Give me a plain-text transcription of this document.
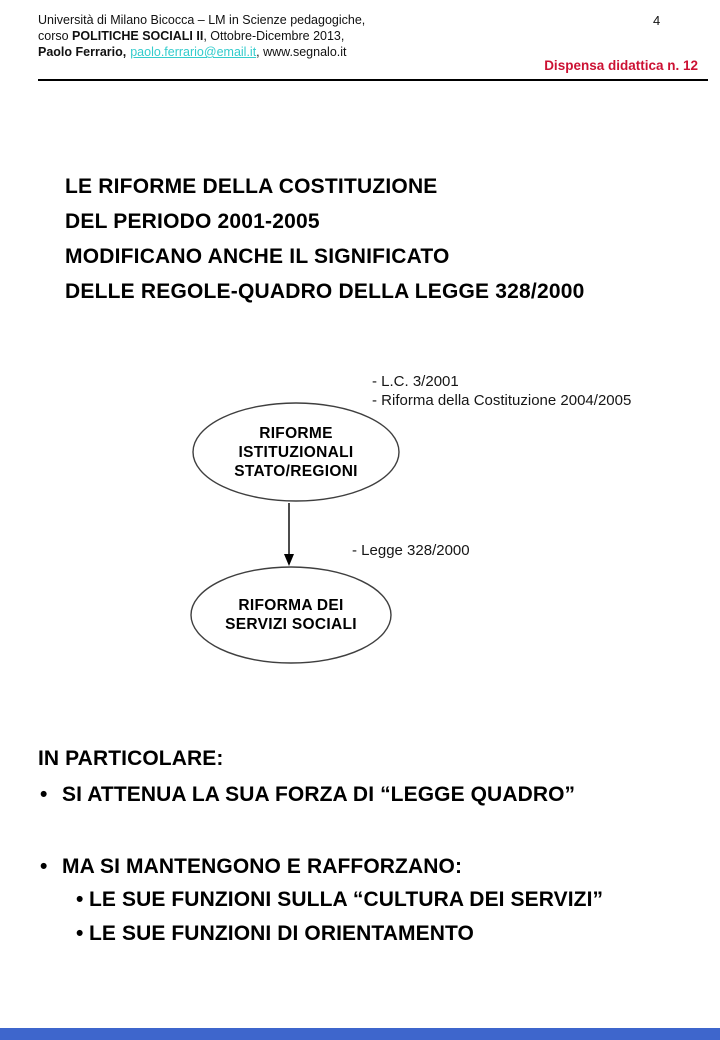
Università di Milano Bicocca – LM in Scienze pedagogiche,
corso POLITICHE SOCIALI II, Ottobre-Dicembre 2013,
Paolo Ferrario, paolo.ferrario@email.it, www.segnalo.it
4
Dispensa didattica n. 12
LE RIFORME DELLA COSTITUZIONE
DEL PERIODO 2001-2005
MODIFICANO ANCHE IL SIGNIFICATO
DELLE REGOLE-QUADRO DELLA LEGGE 328/2000
- L.C. 3/2001
- Riforma della Costituzione 2004/2005
- Legge 328/2000
RIFORME
ISTITUZIONALI
STATO/REGIONI
RIFORMA DEI
SERVIZI SOCIALI
IN PARTICOLARE:
• SI ATTENUA LA SUA FORZA DI “LEGGE QUADRO”
• MA SI MANTENGONO E RAFFORZANO:
• LE SUE FUNZIONI SULLA “CULTURA DEI SERVIZI”
• LE SUE FUNZIONI DI ORIENTAMENTO
